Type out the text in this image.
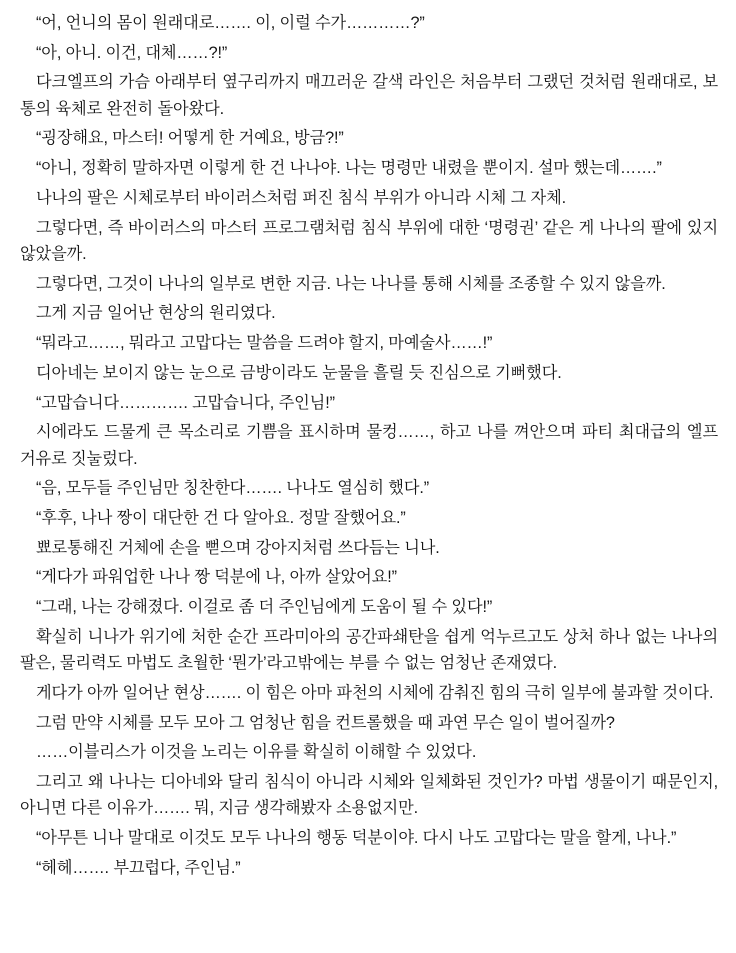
“어, 언니의 몸이 원래대로……. 이, 이럴 수가…………?”

“아, 아니. 이건, 대체……?!”

다크엘프의 가슴 아래부터 옆구리까지 매끄러운 갈색 라인은 처음부터 그랬던 것처럼 원래대로, 보통의 육체로 완전히 돌아왔다.

“굉장해요, 마스터! 어떻게 한 거예요, 방금?!”

“아니, 정확히 말하자면 이렇게 한 건 나나야. 나는 명령만 내렸을 뿐이지. 설마 했는데…….”

나나의 팔은 시체로부터 바이러스처럼 퍼진 침식 부위가 아니라 시체 그 자체.

그렇다면, 즉 바이러스의 마스터 프로그램처럼 침식 부위에 대한 ‘명령권’ 같은 게 나나의 팔에 있지 않았을까.

그렇다면, 그것이 나나의 일부로 변한 지금. 나는 나나를 통해 시체를 조종할 수 있지 않을까.

그게 지금 일어난 현상의 원리였다.

“뭐라고……, 뭐라고 고맙다는 말씀을 드려야 할지, 마예술사……!”

디아네는 보이지 않는 눈으로 금방이라도 눈물을 흘릴 듯 진심으로 기뻐했다.

“고맙습니다…………. 고맙습니다, 주인님!”

시에라도 드물게 큰 목소리로 기쁨을 표시하며 물컹……, 하고 나를 껴안으며 파티 최대급의 엘프 거유로 짓눌렀다.

“음, 모두들 주인님만 칭찬한다……. 나나도 열심히 했다.”

“후후, 나나 짱이 대단한 건 다 알아요. 정말 잘했어요.”

뾰로통해진 거체에 손을 뻗으며 강아지처럼 쓰다듬는 니나.

“게다가 파워업한 나나 짱 덕분에 나, 아까 살았어요!”

“그래, 나는 강해졌다. 이걸로 좀 더 주인님에게 도움이 될 수 있다!”

확실히 니나가 위기에 처한 순간 프라미아의 공간파쇄탄을 쉽게 억누르고도 상처 하나 없는 나나의 팔은, 물리력도 마법도 초월한 ‘뭔가’라고밖에는 부를 수 없는 엄청난 존재였다.

게다가 아까 일어난 현상……. 이 힘은 아마 파천의 시체에 감춰진 힘의 극히 일부에 불과할 것이다.

그럼 만약 시체를 모두 모아 그 엄청난 힘을 컨트롤했을 때 과연 무슨 일이 벌어질까?

……이블리스가 이것을 노리는 이유를 확실히 이해할 수 있었다.

그리고 왜 나나는 디아네와 달리 침식이 아니라 시체와 일체화된 것인가? 마법 생물이기 때문인지, 아니면 다른 이유가……. 뭐, 지금 생각해봤자 소용없지만.

“아무튼 니나 말대로 이것도 모두 나나의 행동 덕분이야. 다시 나도 고맙다는 말을 할게, 나나.”

“헤헤……. 부끄럽다, 주인님.”
